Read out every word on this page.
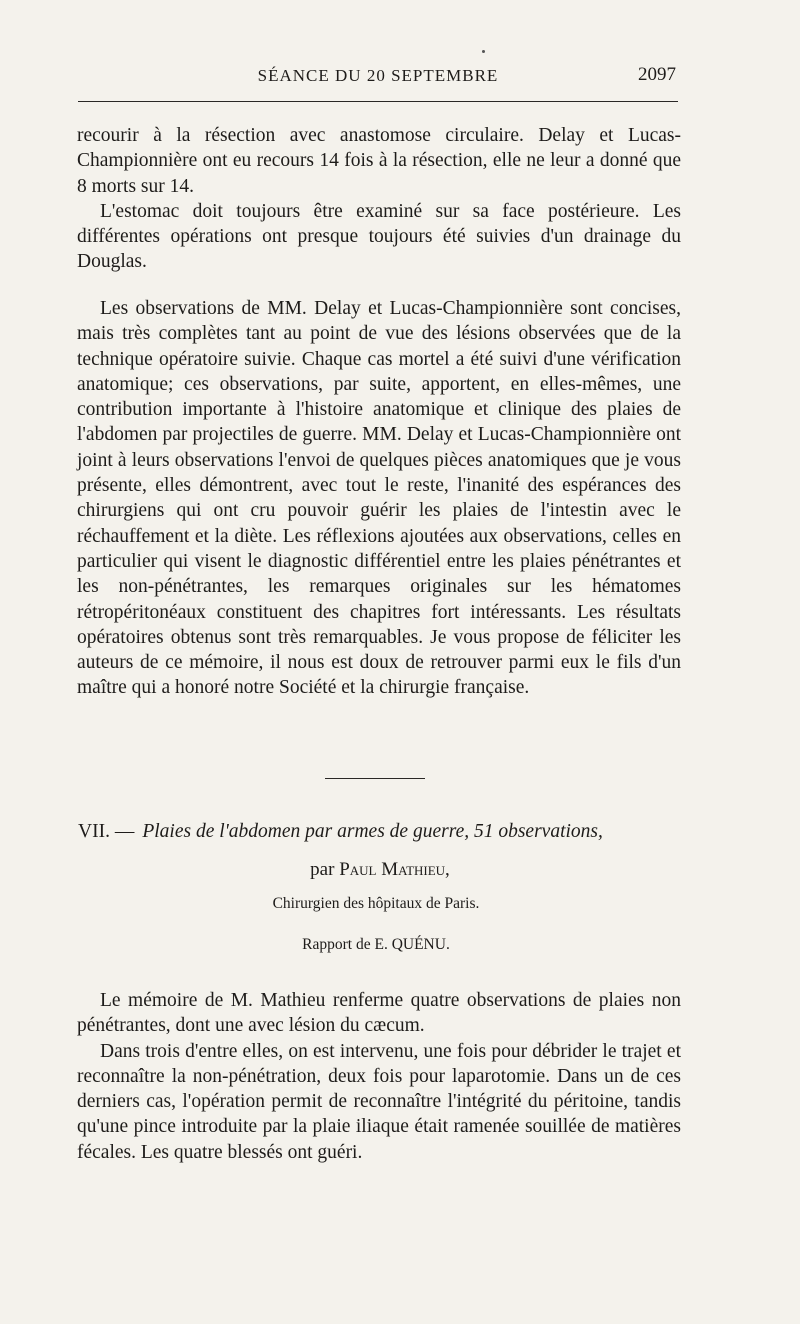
SÉANCE DU 20 SEPTEMBRE	2097

recourir à la résection avec anastomose circulaire. Delay et Lucas-Championnière ont eu recours 14 fois à la résection, elle ne leur a donné que 8 morts sur 14.

L'estomac doit toujours être examiné sur sa face postérieure. Les différentes opérations ont presque toujours été suivies d'un drainage du Douglas.

Les observations de MM. Delay et Lucas-Championnière sont concises, mais très complètes tant au point de vue des lésions observées que de la technique opératoire suivie. Chaque cas mortel a été suivi d'une vérification anatomique; ces observations, par suite, apportent, en elles-mêmes, une contribution importante à l'histoire anatomique et clinique des plaies de l'abdomen par projectiles de guerre. MM. Delay et Lucas-Championnière ont joint à leurs observations l'envoi de quelques pièces anatomiques que je vous présente, elles démontrent, avec tout le reste, l'inanité des espérances des chirurgiens qui ont cru pouvoir guérir les plaies de l'intestin avec le réchauffement et la diète. Les réflexions ajoutées aux observations, celles en particulier qui visent le diagnostic différentiel entre les plaies pénétrantes et les non-pénétrantes, les remarques originales sur les hématomes rétropéritonéaux constituent des chapitres fort intéressants. Les résultats opératoires obtenus sont très remarquables. Je vous propose de féliciter les auteurs de ce mémoire, il nous est doux de retrouver parmi eux le fils d'un maître qui a honoré notre Société et la chirurgie française.

VII. — Plaies de l'abdomen par armes de guerre, 51 observations,
par Paul Mathieu,
Chirurgien des hôpitaux de Paris.
Rapport de E. QUÉNU.

Le mémoire de M. Mathieu renferme quatre observations de plaies non pénétrantes, dont une avec lésion du cæcum.

Dans trois d'entre elles, on est intervenu, une fois pour débrider le trajet et reconnaître la non-pénétration, deux fois pour laparotomie. Dans un de ces derniers cas, l'opération permit de reconnaître l'intégrité du péritoine, tandis qu'une pince introduite par la plaie iliaque était ramenée souillée de matières fécales. Les quatre blessés ont guéri.
